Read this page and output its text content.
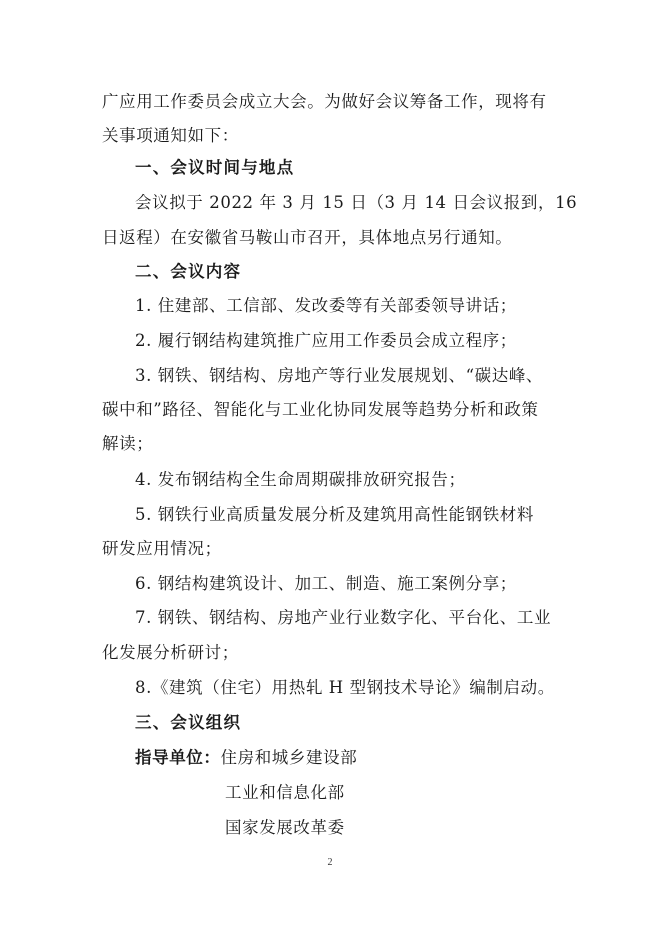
广应用工作委员会成立大会。为做好会议筹备工作，现将有
关事项通知如下：
一、会议时间与地点
会议拟于 2022 年 3 月 15 日（3 月 14 日会议报到，16
日返程）在安徽省马鞍山市召开，具体地点另行通知。
二、会议内容
1. 住建部、工信部、发改委等有关部委领导讲话；
2. 履行钢结构建筑推广应用工作委员会成立程序；
3. 钢铁、钢结构、房地产等行业发展规划、“碳达峰、
碳中和”路径、智能化与工业化协同发展等趋势分析和政策
解读；
4. 发布钢结构全生命周期碳排放研究报告；
5. 钢铁行业高质量发展分析及建筑用高性能钢铁材料
研发应用情况；
6. 钢结构建筑设计、加工、制造、施工案例分享；
7. 钢铁、钢结构、房地产业行业数字化、平台化、工业
化发展分析研讨；
8.《建筑（住宅）用热轧 H 型钢技术导论》编制启动。
三、会议组织
指导单位：住房和城乡建设部
工业和信息化部
国家发展改革委
2
